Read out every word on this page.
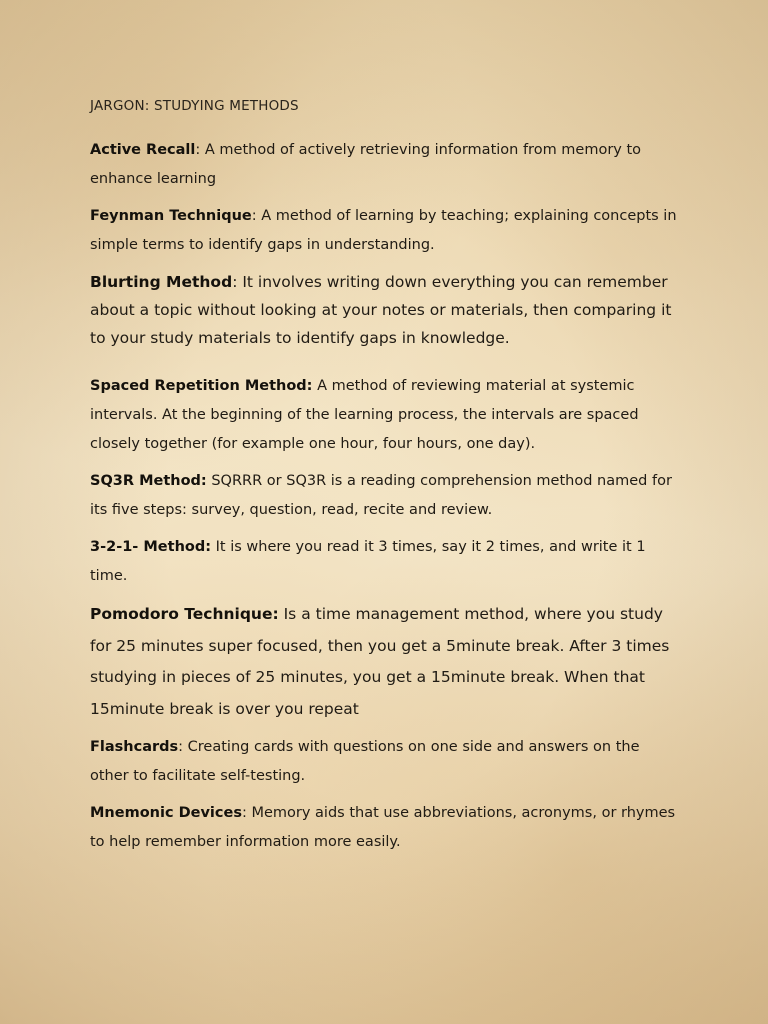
JARGON: STUDYING METHODS

Active Recall: A method of actively retrieving information from memory to enhance learning

Feynman Technique: A method of learning by teaching; explaining concepts in simple terms to identify gaps in understanding.

Blurting Method: It involves writing down everything you can remember about a topic without looking at your notes or materials, then comparing it to your study materials to identify gaps in knowledge.

Spaced Repetition Method: A method of reviewing material at systemic intervals. At the beginning of the learning process, the intervals are spaced closely together (for example one hour, four hours, one day).

SQ3R Method: SQRRR or SQ3R is a reading comprehension method named for its five steps: survey, question, read, recite and review.

3-2-1- Method: It is where you read it 3 times, say it 2 times, and write it 1 time.

Pomodoro Technique: Is a time management method, where you study for 25 minutes super focused, then you get a 5minute break. After 3 times studying in pieces of 25 minutes, you get a 15minute break. When that 15minute break is over you repeat

Flashcards: Creating cards with questions on one side and answers on the other to facilitate self-testing.

Mnemonic Devices: Memory aids that use abbreviations, acronyms, or rhymes to help remember information more easily.
